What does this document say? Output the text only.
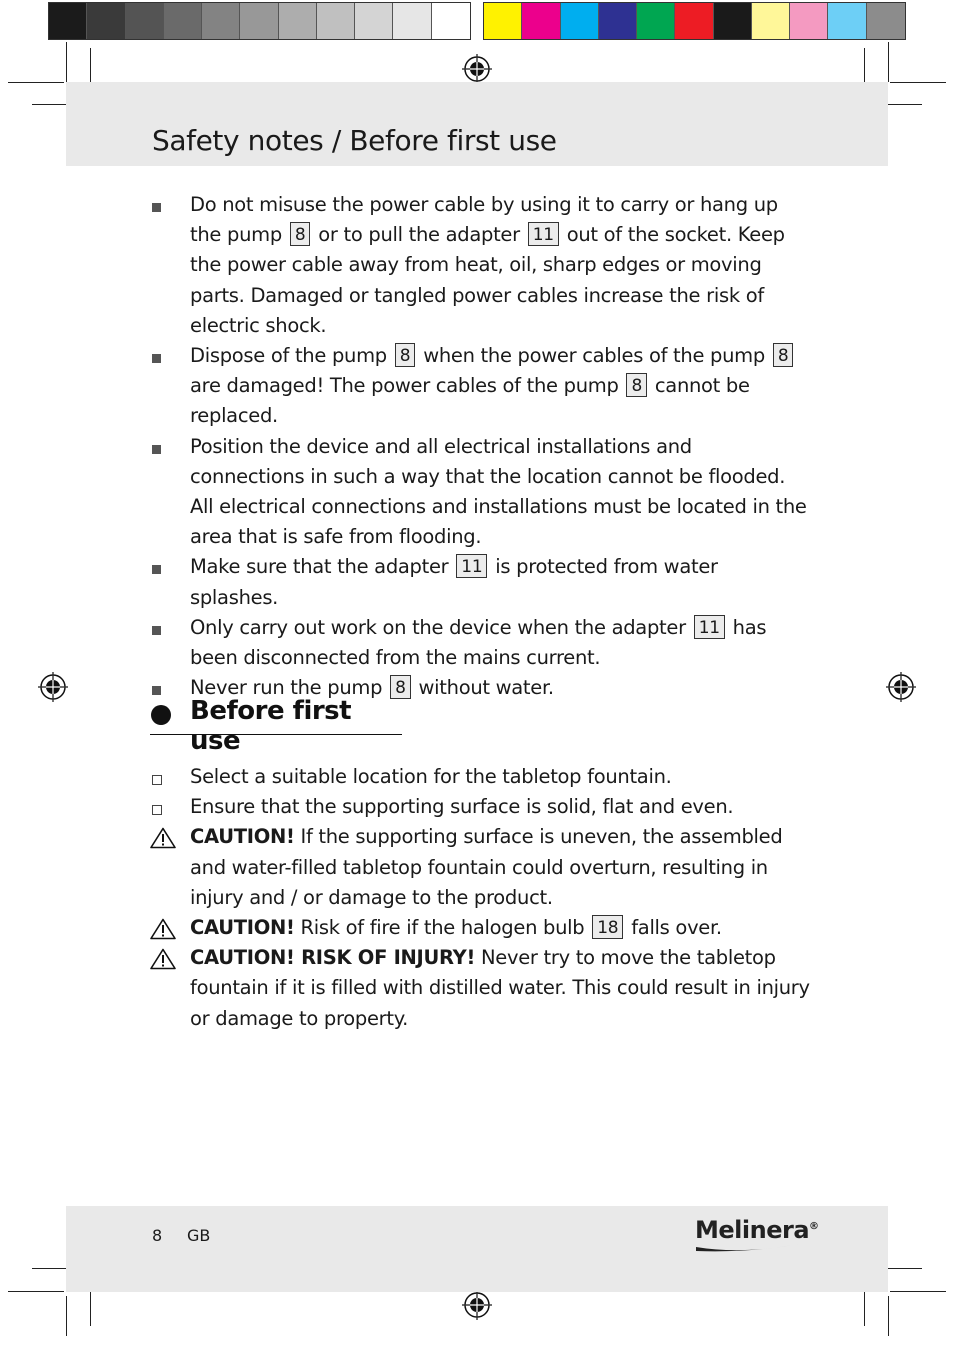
Safety notes / Before first use
Do not misuse the power cable by using it to carry or hang up the pump 8 or to pull the adapter 11 out of the socket. Keep the power cable away from heat, oil, sharp edges or moving parts. Damaged or tangled power cables increase the risk of electric shock.
Dispose of the pump 8 when the power cables of the pump 8 are damaged! The power cables of the pump 8 cannot be replaced.
Position the device and all electrical installations and connections in such a way that the location cannot be flooded. All electrical connections and installations must be located in the area that is safe from flooding.
Make sure that the adapter 11 is protected from water splashes.
Only carry out work on the device when the adapter 11 has been disconnected from the mains current.
Never run the pump 8 without water.
Before first use
Select a suitable location for the tabletop fountain.
Ensure that the supporting surface is solid, flat and even.
CAUTION! If the supporting surface is uneven, the assembled and water-filled tabletop fountain could overturn, resulting in injury and / or damage to the product.
CAUTION! Risk of fire if the halogen bulb 18 falls over.
CAUTION! RISK OF INJURY! Never try to move the tabletop fountain if it is filled with distilled water. This could result in injury or damage to property.
8 GB	Melinera®
